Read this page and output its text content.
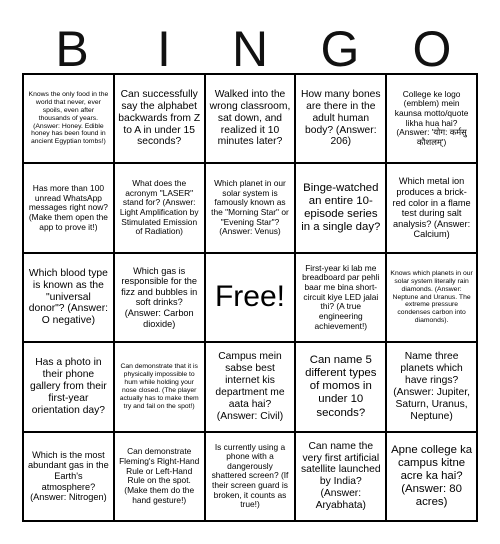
B	I	N	G	O
Knows the only food in the world that never, ever spoils, even after thousands of years. (Answer: Honey. Edible honey has been found in ancient Egyptian tombs!)
Can successfully say the alphabet backwards from Z to A in under 15 seconds?
Walked into the wrong classroom, sat down, and realized it 10 minutes later?
How many bones are there in the adult human body? (Answer: 206)
College ke logo (emblem) mein kaunsa motto/quote likha hua hai? (Answer: 'योग: कर्मसु कौशलम्')
Has more than 100 unread WhatsApp messages right now? (Make them open the app to prove it!)
What does the acronym "LASER" stand for? (Answer: Light Amplification by Stimulated Emission of Radiation)
Which planet in our solar system is famously known as the "Morning Star" or "Evening Star"? (Answer: Venus)
Binge-watched an entire 10-episode series in a single day?
Which metal ion produces a brick-red color in a flame test during salt analysis? (Answer: Calcium)
Which blood type is known as the "universal donor"? (Answer: O negative)
Which gas is responsible for the fizz and bubbles in soft drinks? (Answer: Carbon dioxide)
Free!
First-year ki lab me breadboard par pehli baar me bina short-circuit kiye LED jalai thi? (A true engineering achievement!)
Knows which planets in our solar system literally rain diamonds. (Answer: Neptune and Uranus. The extreme pressure condenses carbon into diamonds).
Has a photo in their phone gallery from their first-year orientation day?
Can demonstrate that it is physically impossible to hum while holding your nose closed. (The player actually has to make them try and fail on the spot!)
Campus mein sabse best internet kis department me aata hai? (Answer: Civil)
Can name 5 different types of momos in under 10 seconds?
Name three planets which have rings? (Answer: Jupiter, Saturn, Uranus, Neptune)
Which is the most abundant gas in the Earth's atmosphere? (Answer: Nitrogen)
Can demonstrate Fleming's Right-Hand Rule or Left-Hand Rule on the spot. (Make them do the hand gesture!)
Is currently using a phone with a dangerously shattered screen? (If their screen guard is broken, it counts as true!)
Can name the very first artificial satellite launched by India? (Answer: Aryabhata)
Apne college ka campus kitne acre ka hai? (Answer: 80 acres)
